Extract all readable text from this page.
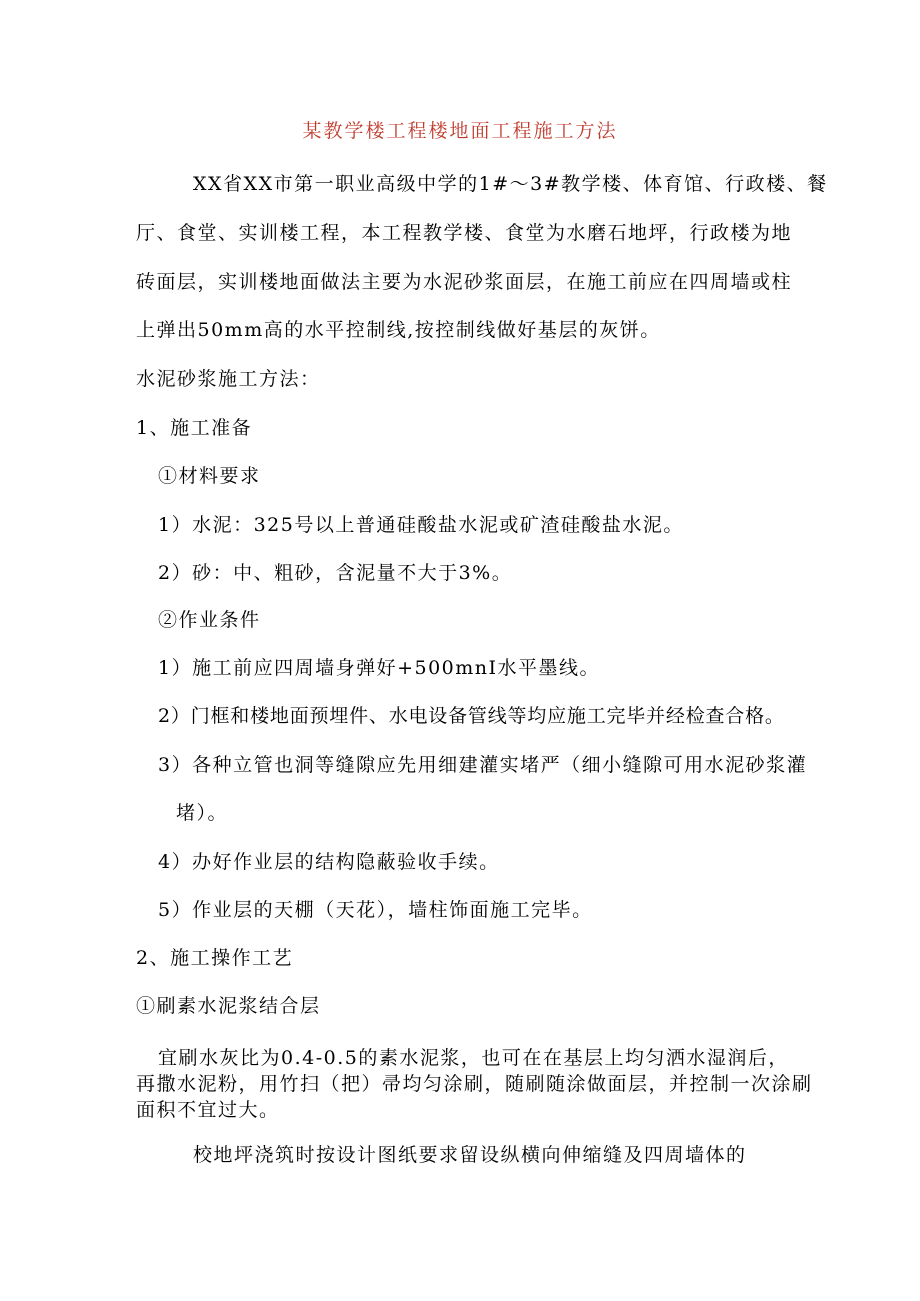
某教学楼工程楼地面工程施工方法
XX省XX市第一职业高级中学的1#～3#教学楼、体育馆、行政楼、餐
厅、食堂、实训楼工程，本工程教学楼、食堂为水磨石地坪，行政楼为地
砖面层，实训楼地面做法主要为水泥砂浆面层，在施工前应在四周墙或柱
上弹出50mm高的水平控制线,按控制线做好基层的灰饼。
水泥砂浆施工方法：
1、施工准备
①材料要求
1）水泥：325号以上普通硅酸盐水泥或矿渣硅酸盐水泥。
2）砂：中、粗砂，含泥量不大于3%。
②作业条件
1）施工前应四周墙身弹好+500mnI水平墨线。
2）门框和楼地面预埋件、水电设备管线等均应施工完毕并经检查合格。
3）各种立管也洞等缝隙应先用细建灌实堵严（细小缝隙可用水泥砂浆灌
堵）。
4）办好作业层的结构隐蔽验收手续。
5）作业层的天棚（天花），墙柱饰面施工完毕。
2、施工操作工艺
①刷素水泥浆结合层
宜刷水灰比为0.4-0.5的素水泥浆，也可在在基层上均匀洒水湿润后，
再撒水泥粉，用竹扫（把）帚均匀涂刷，随刷随涂做面层，并控制一次涂刷
面积不宜过大。
校地坪浇筑时按设计图纸要求留设纵横向伸缩缝及四周墙体的
